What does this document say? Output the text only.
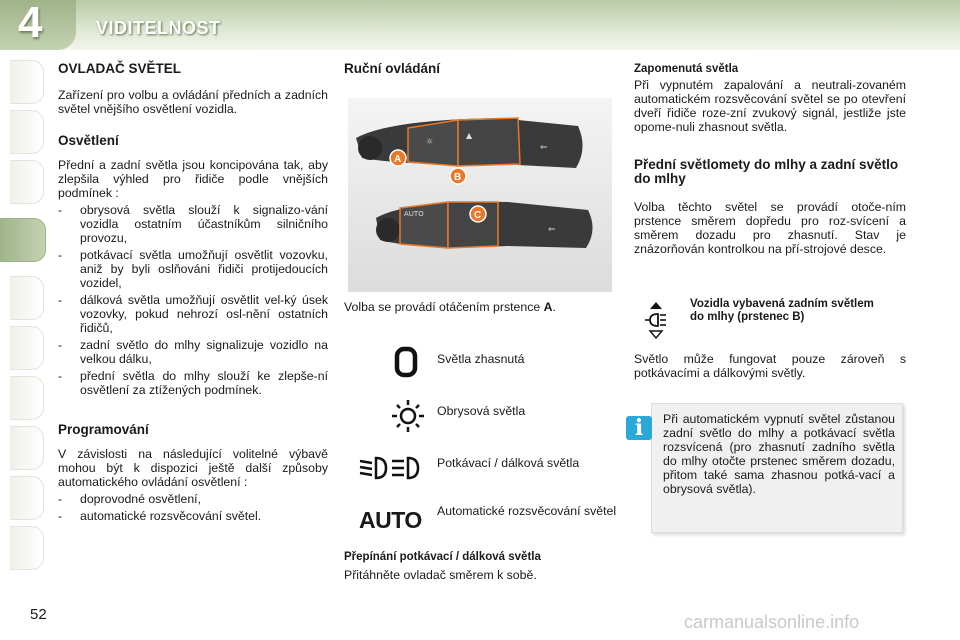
4	VIDITELNOST
OVLADAČ SVĚTEL

Zařízení pro volbu a ovládání předních a zadních světel vnějšího osvětlení vozidla.

Osvětlení

Přední a zadní světla jsou koncipována tak, aby zlepšila výhled pro řidiče podle vnějších podmínek :

- obrysová světla slouží k signalizo-vání vozidla ostatním účastníkům silničního provozu,
- potkávací světla umožňují osvětlit vozovku, aniž by byli oslňováni řidiči protijedoucích vozidel,
- dálková světla umožňují osvětlit vel-ký úsek vozovky, pokud nehrozí osl-nění ostatních řidičů,
- zadní světlo do mlhy signalizuje vozidlo na velkou dálku,
- přední světla do mlhy slouží ke zlepše-ní osvětlení za ztížených podmínek.
Programování

V závislosti na následující volitelné výbavě mohou být k dispozici ještě další způsoby automatického ovládání osvětlení :

- doprovodné osvětlení,
- automatické rozsvěcování světel.
Ruční ovládání
☼
▲
⇐
AUTO
⇐
A
B
C
Volba se provádí otáčením prstence A.
Světla zhasnutá
Obrysová světla
Potkávací / dálková světla
AUTO	Automatické rozsvěcování světel
Přepínání potkávací / dálková světla

Přitáhněte ovladač směrem k sobě.

Zapomenutá světla

Při vypnutém zapalování a neutrali-zovaném automatickém rozsvěcování světel se po otevření dveří řidiče roze-zní zvukový signál, jestliže jste opome-nuli zhasnout světla.

Přední světlomety do mlhy a zadní světlo do mlhy

Volba těchto světel se provádí otoče-ním prstence směrem dopředu pro roz-svícení a směrem dozadu pro zhasnutí. Stav je znázorňován kontrolkou na pří-strojové desce.

Vozidla vybavená zadním světlem do mlhy (prstenec B)

Světlo může fungovat pouze zároveň s potkávacími a dálkovými světly.

i	Při automatickém vypnutí světel zůstanou zadní světlo do mlhy a potkávací světla rozsvícená (pro zhasnutí zadního světla do mlhy otočte prstenec směrem dozadu, přitom také sama zhasnou potká-vací a obrysová světla).
52	carmanualsonline.info
